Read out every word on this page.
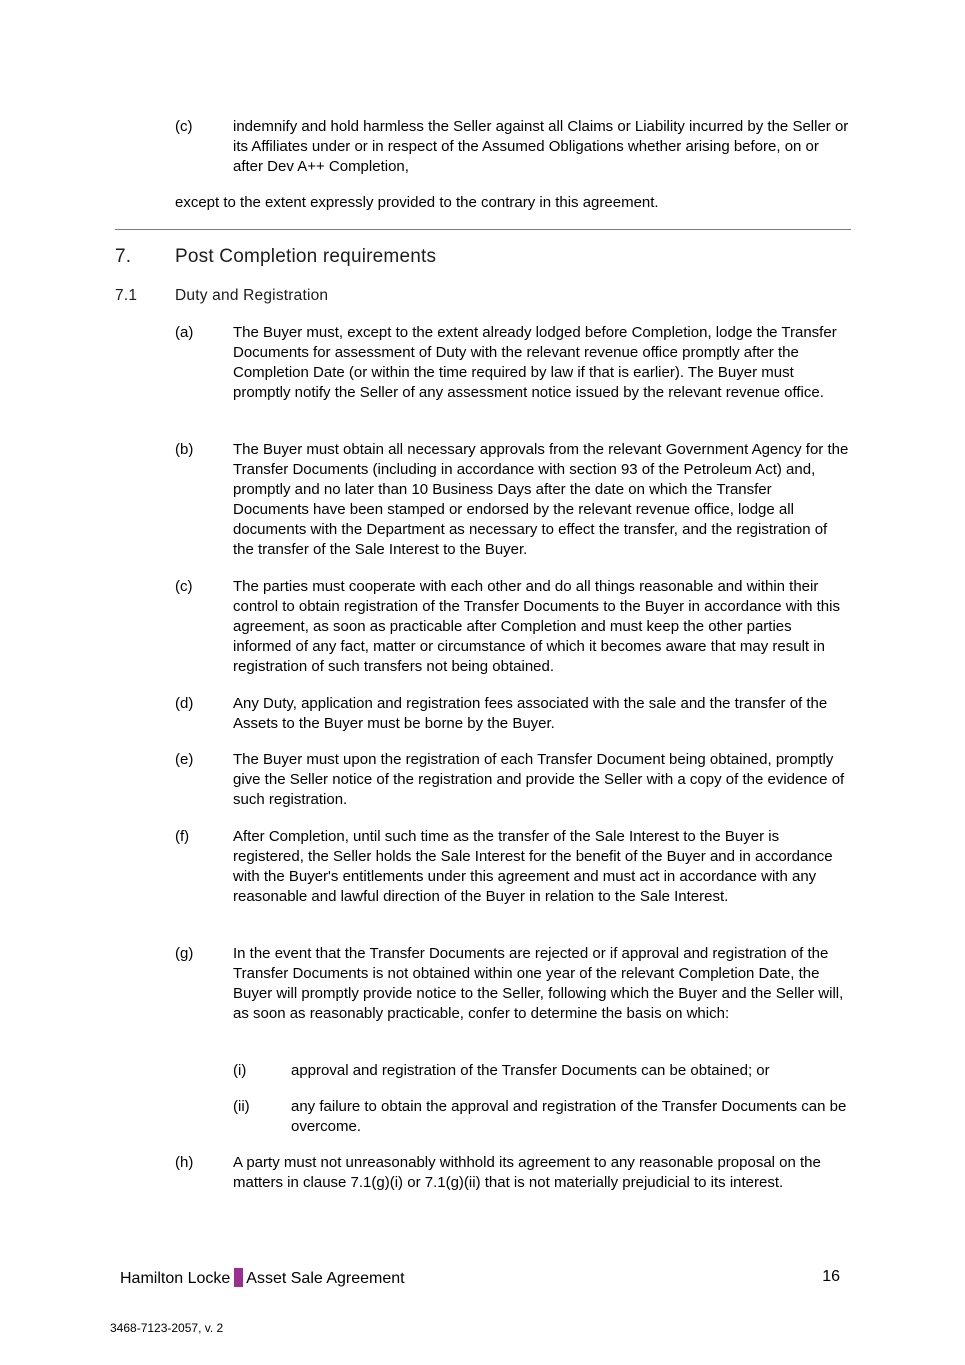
(c)	indemnify and hold harmless the Seller against all Claims or Liability incurred by the Seller or its Affiliates under or in respect of the Assumed Obligations whether arising before, on or after Dev A++ Completion,
except to the extent expressly provided to the contrary in this agreement.
7. Post Completion requirements
7.1 Duty and Registration
(a)	The Buyer must, except to the extent already lodged before Completion, lodge the Transfer Documents for assessment of Duty with the relevant revenue office promptly after the Completion Date (or within the time required by law if that is earlier). The Buyer must promptly notify the Seller of any assessment notice issued by the relevant revenue office.
(b)	The Buyer must obtain all necessary approvals from the relevant Government Agency for the Transfer Documents (including in accordance with section 93 of the Petroleum Act) and, promptly and no later than 10 Business Days after the date on which the Transfer Documents have been stamped or endorsed by the relevant revenue office, lodge all documents with the Department as necessary to effect the transfer, and the registration of the transfer of the Sale Interest to the Buyer.
(c)	The parties must cooperate with each other and do all things reasonable and within their control to obtain registration of the Transfer Documents to the Buyer in accordance with this agreement, as soon as practicable after Completion and must keep the other parties informed of any fact, matter or circumstance of which it becomes aware that may result in registration of such transfers not being obtained.
(d)	Any Duty, application and registration fees associated with the sale and the transfer of the Assets to the Buyer must be borne by the Buyer.
(e)	The Buyer must upon the registration of each Transfer Document being obtained, promptly give the Seller notice of the registration and provide the Seller with a copy of the evidence of such registration.
(f)	After Completion, until such time as the transfer of the Sale Interest to the Buyer is registered, the Seller holds the Sale Interest for the benefit of the Buyer and in accordance with the Buyer's entitlements under this agreement and must act in accordance with any reasonable and lawful direction of the Buyer in relation to the Sale Interest.
(g)	In the event that the Transfer Documents are rejected or if approval and registration of the Transfer Documents is not obtained within one year of the relevant Completion Date, the Buyer will promptly provide notice to the Seller, following which the Buyer and the Seller will, as soon as reasonably practicable, confer to determine the basis on which:
(i)	approval and registration of the Transfer Documents can be obtained; or
(ii)	any failure to obtain the approval and registration of the Transfer Documents can be overcome.
(h)	A party must not unreasonably withhold its agreement to any reasonable proposal on the matters in clause 7.1(g)(i) or 7.1(g)(ii) that is not materially prejudicial to its interest.
Hamilton Locke Asset Sale Agreement	16
3468-7123-2057, v. 2
